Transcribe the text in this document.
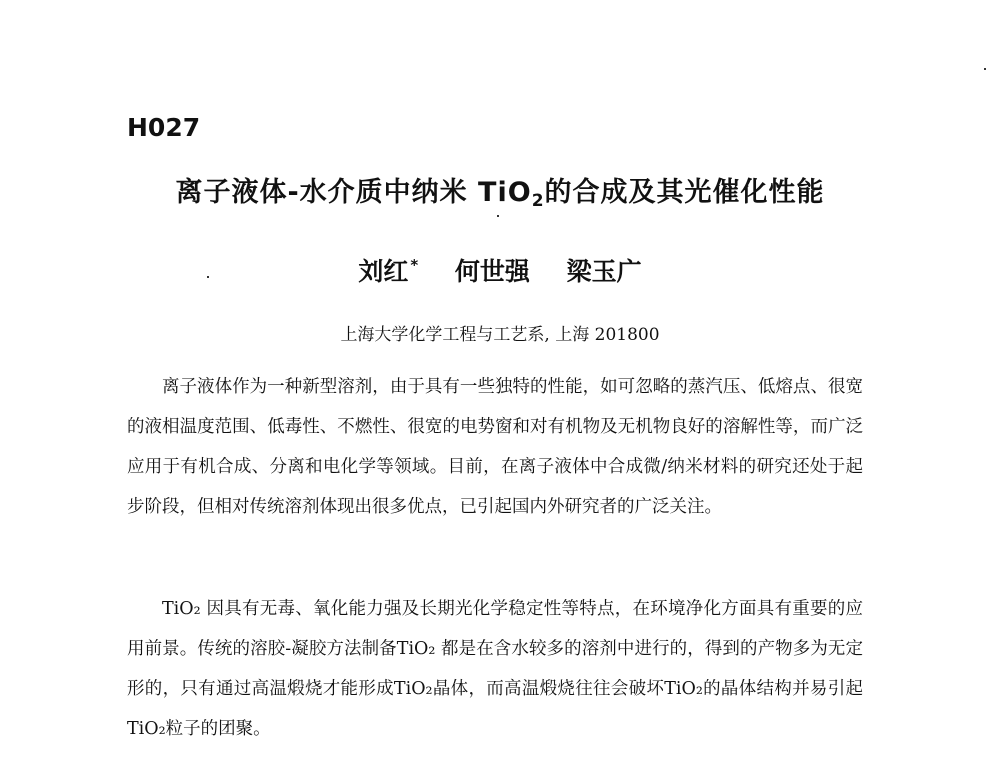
H027
离子液体-水介质中纳米 TiO$_2$的合成及其光催化性能
刘红 * 何世强 梁玉广
上海大学化学工程与工艺系, 上海 201800
离子液体作为一种新型溶剂，由于具有一些独特的性能，如可忽略的蒸汽压、低熔点、很宽的液相温度范围、低毒性、不燃性、很宽的电势窗和对有机物及无机物良好的溶解性等，而广泛应用于有机合成、分离和电化学等领域。目前，在离子液体中合成微/纳米材料的研究还处于起步阶段，但相对传统溶剂体现出很多优点，已引起国内外研究者的广泛关注。
TiO₂ 因具有无毒、氧化能力强及长期光化学稳定性等特点，在环境净化方面具有重要的应用前景。传统的溶胶-凝胶方法制备TiO₂ 都是在含水较多的溶剂中进行的，得到的产物多为无定形的，只有通过高温煅烧才能形成TiO₂晶体，而高温煅烧往往会破坏TiO₂的晶体结构并易引起TiO₂粒子的团聚。
